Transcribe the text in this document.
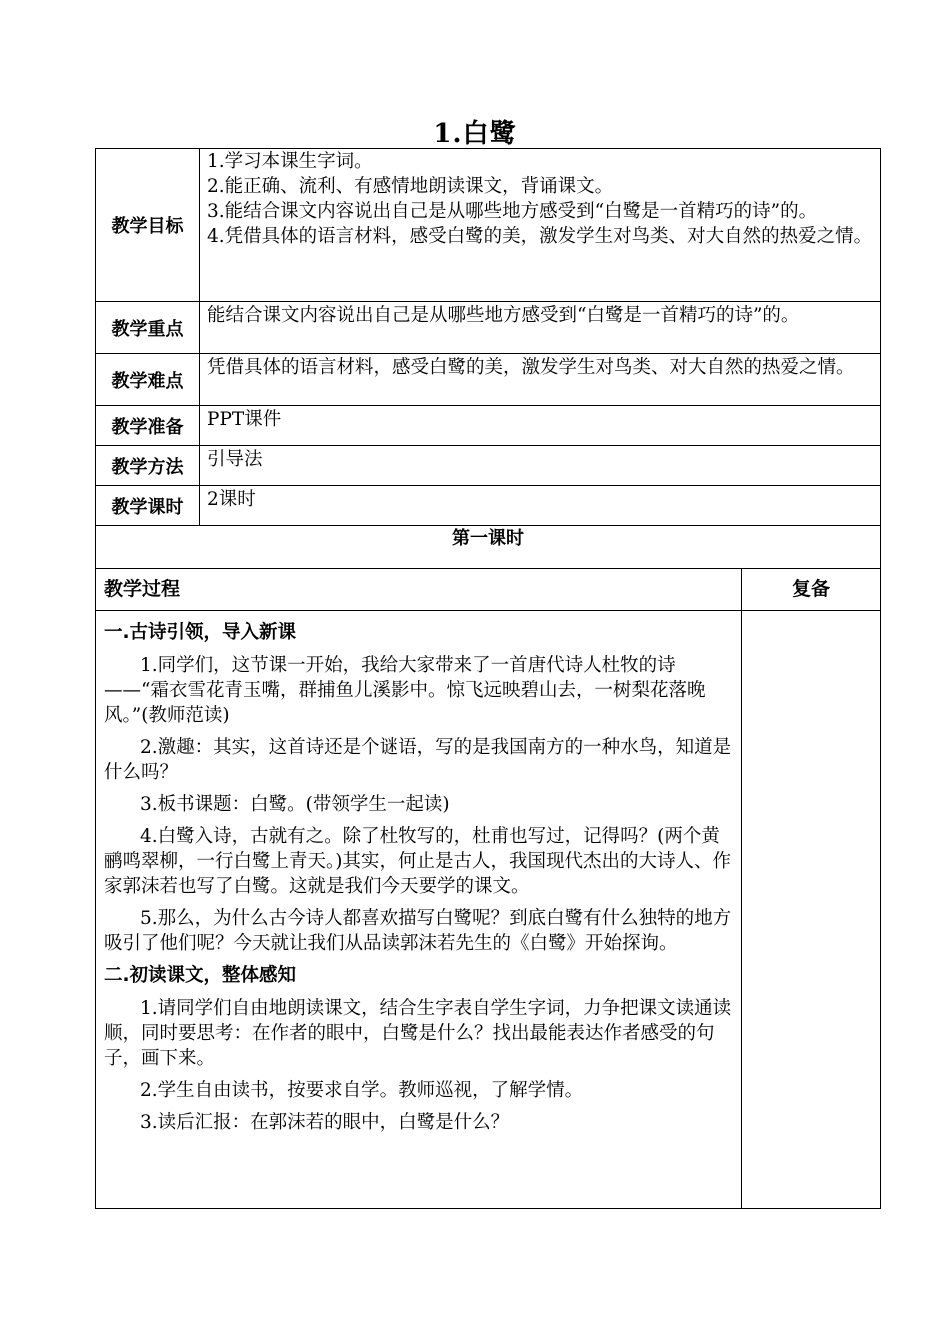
1.白鹭
教学目标
教学重点
教学难点
教学准备
教学方法
教学课时

1.学习本课生字词。

2.能正确、流利、有感情地朗读课文，背诵课文。

3.能结合课文内容说出自己是从哪些地方感受到“白鹭是一首精巧的诗”的。

4.凭借具体的语言材料，感受白鹭的美，激发学生对鸟类、对大自然的热爱之情。

能结合课文内容说出自己是从哪些地方感受到“白鹭是一首精巧的诗”的。
凭借具体的语言材料，感受白鹭的美，激发学生对鸟类、对大自然的热爱之情。
PPT课件
引导法
2课时
第一课时
教学过程	复备

一.古诗引领，导入新课

1.同学们，这节课一开始，我给大家带来了一首唐代诗人杜牧的诗——“霜衣雪花青玉嘴，群捕鱼儿溪影中。惊飞远映碧山去，一树梨花落晚风。”(教师范读)

2.激趣：其实，这首诗还是个谜语，写的是我国南方的一种水鸟，知道是什么吗？

3.板书课题：白鹭。(带领学生一起读)

4.白鹭入诗，古就有之。除了杜牧写的，杜甫也写过，记得吗？(两个黄鹂鸣翠柳，一行白鹭上青天。)其实，何止是古人，我国现代杰出的大诗人、作家郭沫若也写了白鹭。这就是我们今天要学的课文。

5.那么，为什么古今诗人都喜欢描写白鹭呢？到底白鹭有什么独特的地方吸引了他们呢？今天就让我们从品读郭沫若先生的《白鹭》开始探询。

二.初读课文，整体感知

1.请同学们自由地朗读课文，结合生字表自学生字词，力争把课文读通读顺，同时要思考：在作者的眼中，白鹭是什么？找出最能表达作者感受的句子，画下来。

2.学生自由读书，按要求自学。教师巡视，了解学情。

3.读后汇报：在郭沫若的眼中，白鹭是什么？
